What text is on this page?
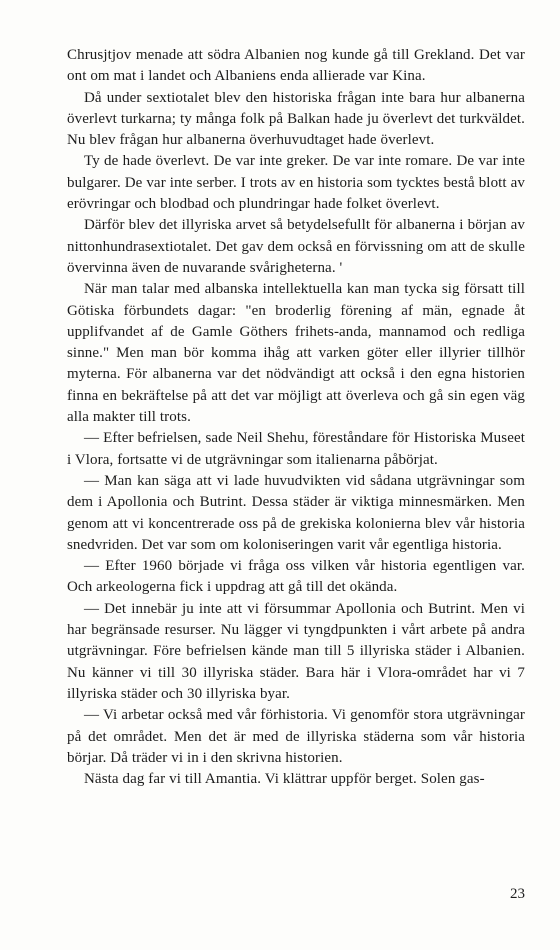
Chrusjtjov menade att södra Albanien nog kunde gå till Grekland. Det var ont om mat i landet och Albaniens enda allierade var Kina.

Då under sextiotalet blev den historiska frågan inte bara hur albanerna överlevt turkarna; ty många folk på Balkan hade ju överlevt det turkväldet. Nu blev frågan hur albanerna överhuvudtaget hade överlevt.

Ty de hade överlevt. De var inte greker. De var inte romare. De var inte bulgarer. De var inte serber. I trots av en historia som tycktes bestå blott av erövringar och blodbad och plundringar hade folket överlevt.

Därför blev det illyriska arvet så betydelsefullt för albanerna i början av nittonhundrasextiotalet. Det gav dem också en förvissning om att de skulle övervinna även de nuvarande svårigheterna. '

När man talar med albanska intellektuella kan man tycka sig försatt till Götiska förbundets dagar: "en broderlig förening af män, egnade åt upplifvandet af de Gamle Göthers frihets-anda, mannamod och redliga sinne." Men man bör komma ihåg att varken göter eller illyrier tillhör myterna. För albanerna var det nödvändigt att också i den egna historien finna en bekräftelse på att det var möjligt att överleva och gå sin egen väg alla makter till trots.

— Efter befrielsen, sade Neil Shehu, föreståndare för Historiska Museet i Vlora, fortsatte vi de utgrävningar som italienarna påbörjat.

— Man kan säga att vi lade huvudvikten vid sådana utgrävningar som dem i Apollonia och Butrint. Dessa städer är viktiga minnesmärken. Men genom att vi koncentrerade oss på de grekiska kolonierna blev vår historia snedvriden. Det var som om koloniseringen varit vår egentliga historia.

— Efter 1960 började vi fråga oss vilken vår historia egentligen var. Och arkeologerna fick i uppdrag att gå till det okända.

— Det innebär ju inte att vi försummar Apollonia och Butrint. Men vi har begränsade resurser. Nu lägger vi tyngdpunkten i vårt arbete på andra utgrävningar. Före befrielsen kände man till 5 illyriska städer i Albanien. Nu känner vi till 30 illyriska städer. Bara här i Vlora-området har vi 7 illyriska städer och 30 illyriska byar.

— Vi arbetar också med vår förhistoria. Vi genomför stora utgrävningar på det området. Men det är med de illyriska städerna som vår historia börjar. Då träder vi in i den skrivna historien.

Nästa dag far vi till Amantia. Vi klättrar uppför berget. Solen gas-

23
